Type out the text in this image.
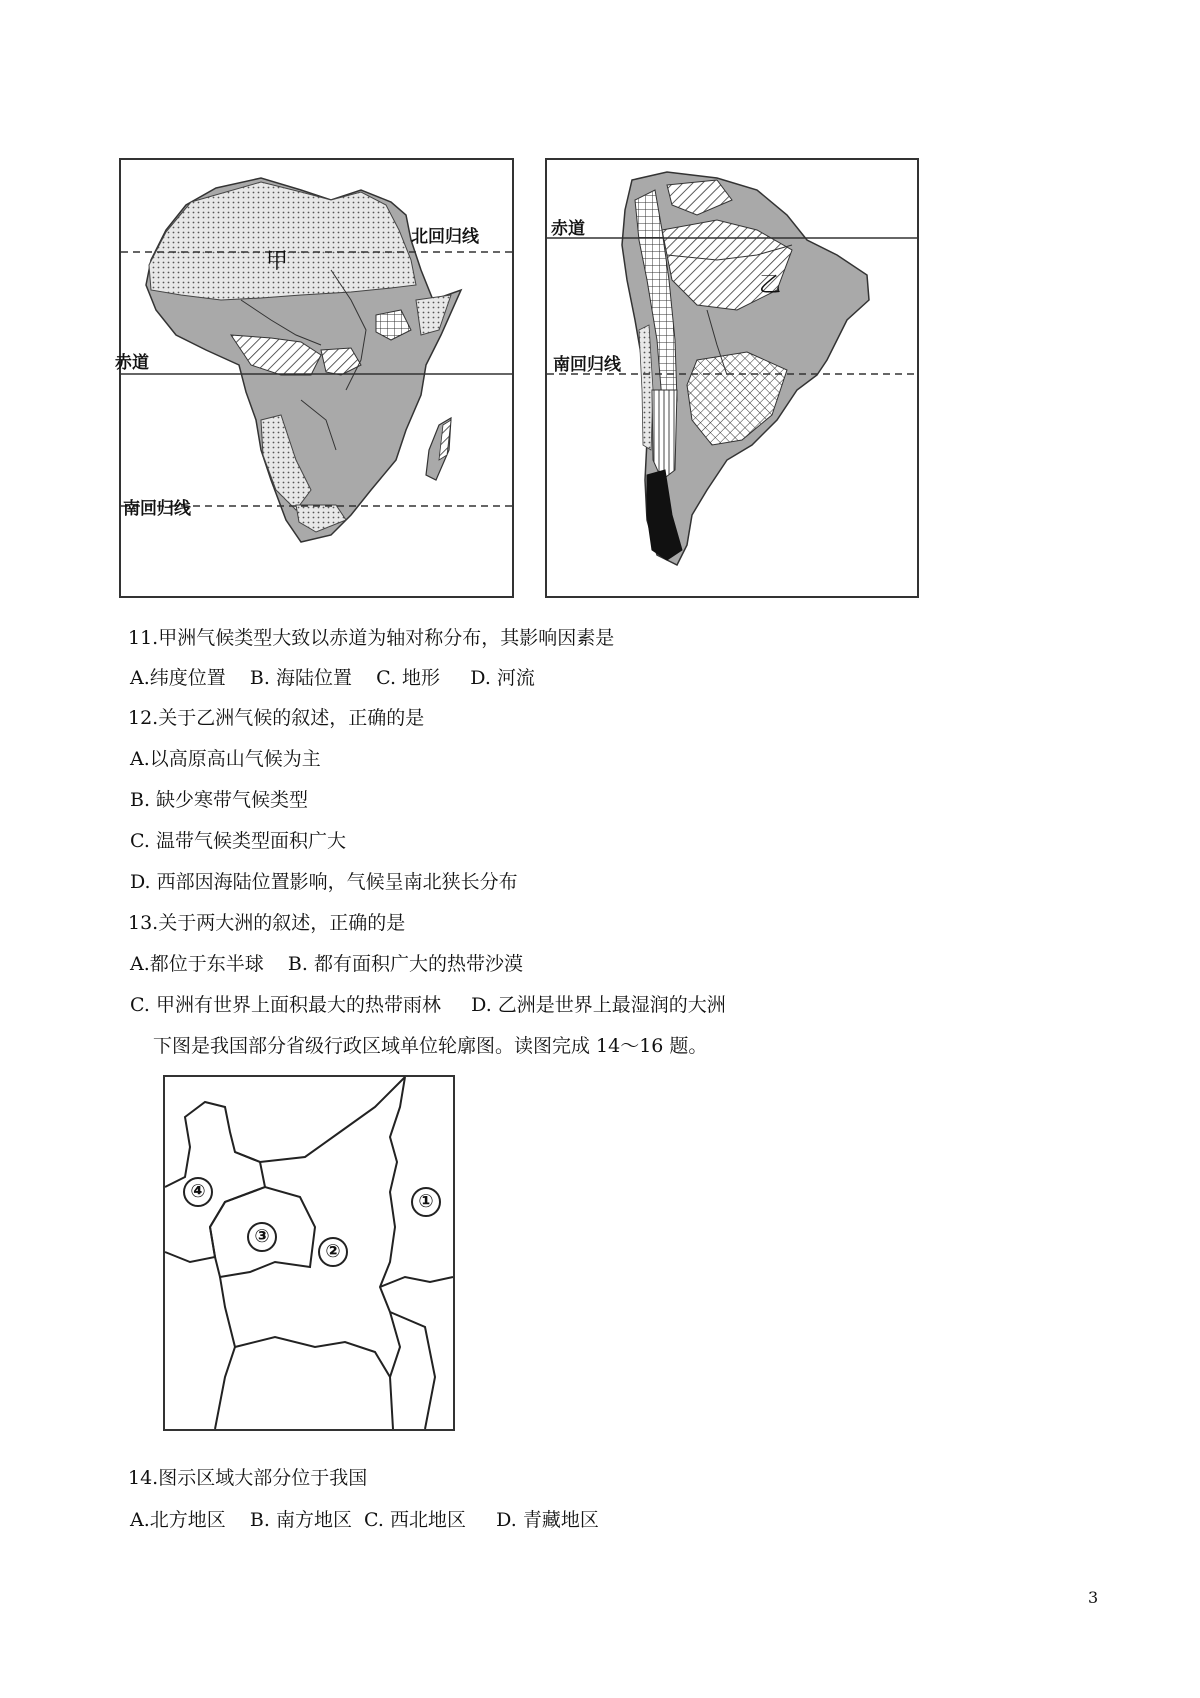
甲
北回归线
赤道
南回归线
乙
赤道
南回归线
11.甲洲气候类型大致以赤道为轴对称分布，其影响因素是
A.纬度位置    B. 海陆位置    C. 地形     D. 河流
12.关于乙洲气候的叙述，正确的是
A.以高原高山气候为主
B. 缺少寒带气候类型
C. 温带气候类型面积广大
D. 西部因海陆位置影响，气候呈南北狭长分布
13.关于两大洲的叙述，正确的是
A.都位于东半球    B. 都有面积广大的热带沙漠
C. 甲洲有世界上面积最大的热带雨林     D. 乙洲是世界上最湿润的大洲
下图是我国部分省级行政区域单位轮廓图。读图完成 14～16 题。
④
③
②
①
14.图示区域大部分位于我国
A.北方地区    B. 南方地区  C. 西北地区     D. 青藏地区
3
